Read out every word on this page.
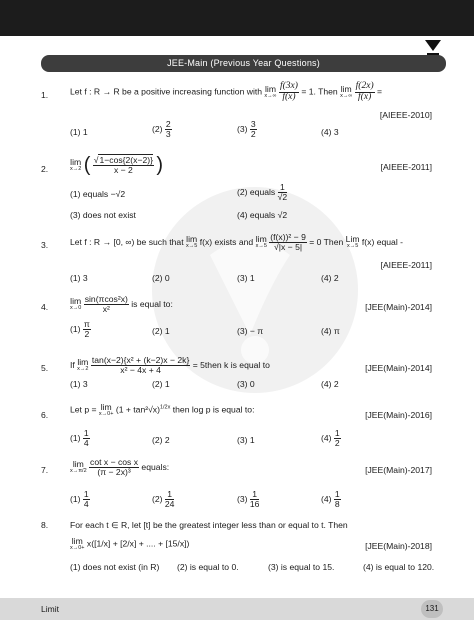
JEE-Main (Previous Year Questions)
1.	Let f : R → R be a positive increasing function with lim
x→∞
$\frac{f(3x)}{f(x)} = 1$. Then lim
x→∞
$\frac{f(2x)}{f(x)}$ =
[AIEEE-2010]
(1) 1	$(2) \frac{2}{3}$	$(3) \frac{3}{2}$	(4) 3
2.
lim
x→2 ( $\frac{√1-\cos\{2(x-2)\}}{x - 2}$ )	[AIEEE-2011]
(1) equals −√2	(2) equals $\frac{1}{√2}$
(3) does not exist	(4) equals √2
3.	Let f : R → [0, ∞) be such that lim
x→5 f(x) exists and lim
x→5
$\frac{\text{(f(x))² − 9}}{√|x - 5|} = 0$ Then Lim
x→5 f(x) equal -
[AIEEE-2011]
(1) 3	(2) 0	(3) 1	(4) 2
4.
lim
x→0
$\frac{\text{sin(πcos²x)}}{\text{x²}}$ is equal to:	[JEE(Main)-2014]
$(1) \frac{\pi}{2}$	(2) 1	(3) − π	(4) π
5.	If lim
x→2
$\frac{\text{tan(x−2)\{x² + (k−2)x − 2k\}}}{\text{x² − 4x + 4}}$ = 5then k is equal to	[JEE(Main)-2014]
(1) 3	(2) 1	(3) 0	(4) 2
6.
Let p = lim
$x\to 0+ (1 + \tan^2√x)^{1/2x}$ then log p is equal to:
[JEE(Main)-2016]
$(1) \frac{1}{4}$	(2) 2	(3) 1	$(4) \frac{1}{2}$
7.
lim
x→π/2
$\frac{\text{cot x − cos x}}{\text{(π − 2x)³}}$ equals:	[JEE(Main)-2017]
$(1) \frac{1}{4}$	$(2) \frac{1}{24}$	$(3) \frac{1}{16}$	$(4) \frac{1}{8}$
8.	For each t ∈ R, let [t] be the greatest integer less than or equal to t. Then
lim
x→0+ x([1/x] + [2/x] + .... + [15/x])	[JEE(Main)-2018]
(1) does not exist (in R) (2) is equal to 0.	(3) is equal to 15.	(4) is equal to 120.
Limit	131
